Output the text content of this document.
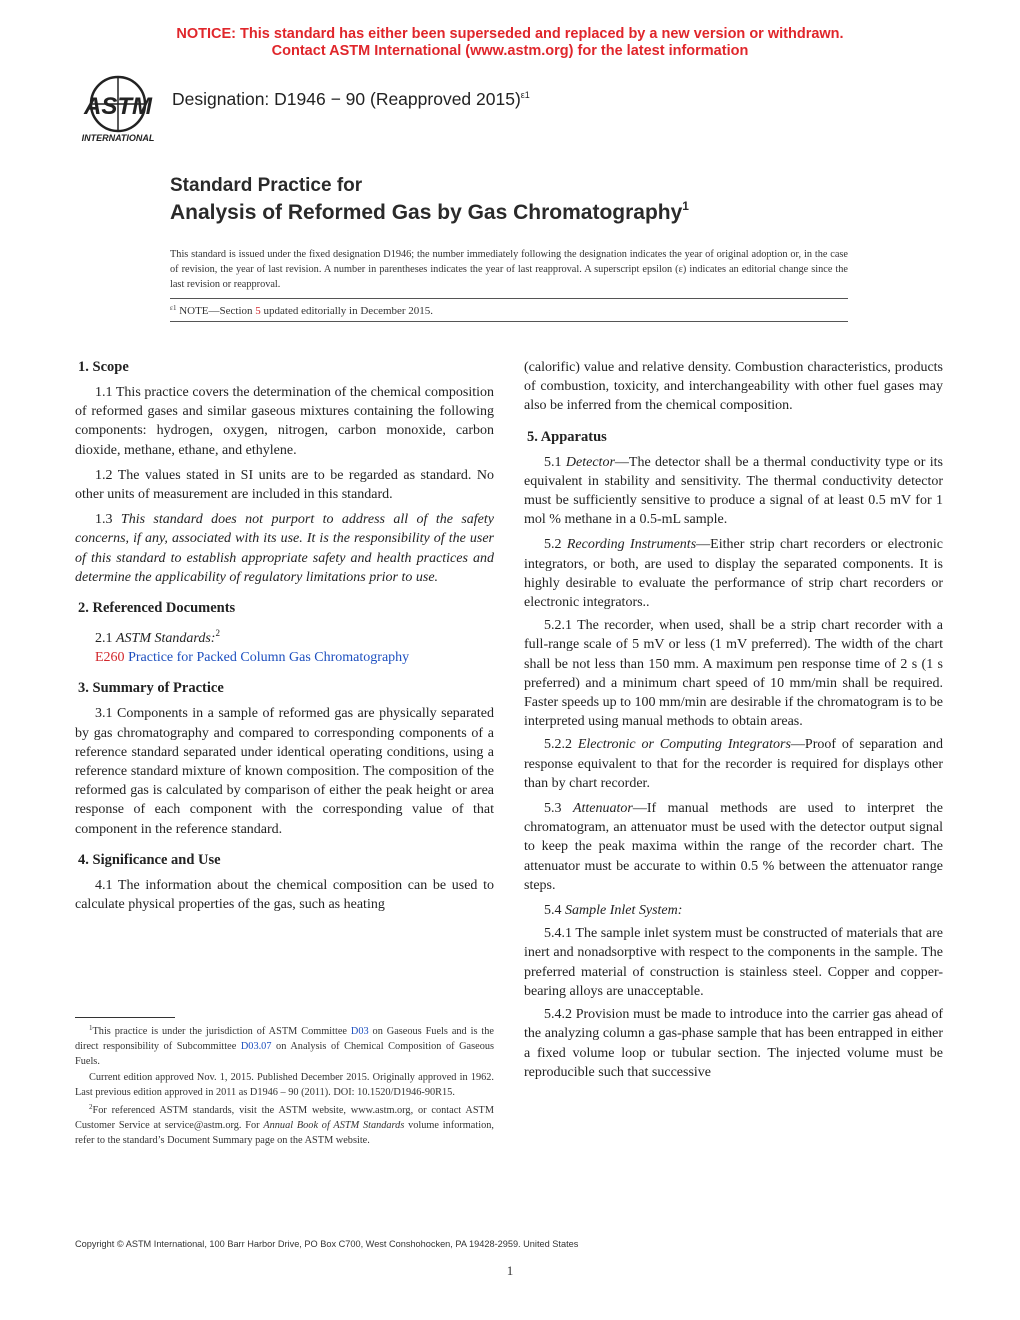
NOTICE: This standard has either been superseded and replaced by a new version or withdrawn.
Contact ASTM International (www.astm.org) for the latest information
ASTM
INTERNATIONAL
Designation: D1946 − 90 (Reapproved 2015)$^{\varepsilon 1}$
Standard Practice for
Analysis of Reformed Gas by Gas Chromatography$^1$
This standard is issued under the fixed designation D1946; the number immediately following the designation indicates the year of original adoption or, in the case of revision, the year of last revision. A number in parentheses indicates the year of last reapproval. A superscript epsilon (ε) indicates an editorial change since the last revision or reapproval.
$^{\varepsilon 1}$ NOTE—Section 5 updated editorially in December 2015.
1. Scope

1.1 This practice covers the determination of the chemical composition of reformed gases and similar gaseous mixtures containing the following components: hydrogen, oxygen, nitrogen, carbon monoxide, carbon dioxide, methane, ethane, and ethylene.

1.2 The values stated in SI units are to be regarded as standard. No other units of measurement are included in this standard.

1.3 This standard does not purport to address all of the safety concerns, if any, associated with its use. It is the responsibility of the user of this standard to establish appropriate safety and health practices and determine the applicability of regulatory limitations prior to use.

2. Referenced Documents

2.1 ASTM Standards:$^2$

E260 Practice for Packed Column Gas Chromatography

3. Summary of Practice

3.1 Components in a sample of reformed gas are physically separated by gas chromatography and compared to corresponding components of a reference standard separated under identical operating conditions, using a reference standard mixture of known composition. The composition of the reformed gas is calculated by comparison of either the peak height or area response of each component with the corresponding value of that component in the reference standard.

4. Significance and Use

4.1 The information about the chemical composition can be used to calculate physical properties of the gas, such as heating

(calorific) value and relative density. Combustion characteristics, products of combustion, toxicity, and interchangeability with other fuel gases may also be inferred from the chemical composition.

5. Apparatus

5.1 Detector—The detector shall be a thermal conductivity type or its equivalent in stability and sensitivity. The thermal conductivity detector must be sufficiently sensitive to produce a signal of at least 0.5 mV for 1 mol % methane in a 0.5-mL sample.

5.2 Recording Instruments—Either strip chart recorders or electronic integrators, or both, are used to display the separated components. It is highly desirable to evaluate the performance of strip chart recorders or electronic integrators..

5.2.1 The recorder, when used, shall be a strip chart recorder with a full-range scale of 5 mV or less (1 mV preferred). The width of the chart shall be not less than 150 mm. A maximum pen response time of 2 s (1 s preferred) and a minimum chart speed of 10 mm/min shall be required. Faster speeds up to 100 mm/min are desirable if the chromatogram is to be interpreted using manual methods to obtain areas.

5.2.2 Electronic or Computing Integrators—Proof of separation and response equivalent to that for the recorder is required for displays other than by chart recorder.

5.3 Attenuator—If manual methods are used to interpret the chromatogram, an attenuator must be used with the detector output signal to keep the peak maxima within the range of the recorder chart. The attenuator must be accurate to within 0.5 % between the attenuator range steps.

5.4 Sample Inlet System:

5.4.1 The sample inlet system must be constructed of materials that are inert and nonadsorptive with respect to the components in the sample. The preferred material of construction is stainless steel. Copper and copper-bearing alloys are unacceptable.

5.4.2 Provision must be made to introduce into the carrier gas ahead of the analyzing column a gas-phase sample that has been entrapped in either a fixed volume loop or tubular section. The injected volume must be reproducible such that successive

$^1$This practice is under the jurisdiction of ASTM Committee D03 on Gaseous Fuels and is the direct responsibility of Subcommittee D03.07 on Analysis of Chemical Composition of Gaseous Fuels.

Current edition approved Nov. 1, 2015. Published December 2015. Originally approved in 1962. Last previous edition approved in 2011 as D1946 – 90 (2011). DOI: 10.1520/D1946-90R15.

$^2$For referenced ASTM standards, visit the ASTM website, www.astm.org, or contact ASTM Customer Service at service@astm.org. For Annual Book of ASTM Standards volume information, refer to the standard’s Document Summary page on the ASTM website.

Copyright © ASTM International, 100 Barr Harbor Drive, PO Box C700, West Conshohocken, PA 19428-2959. United States
1
